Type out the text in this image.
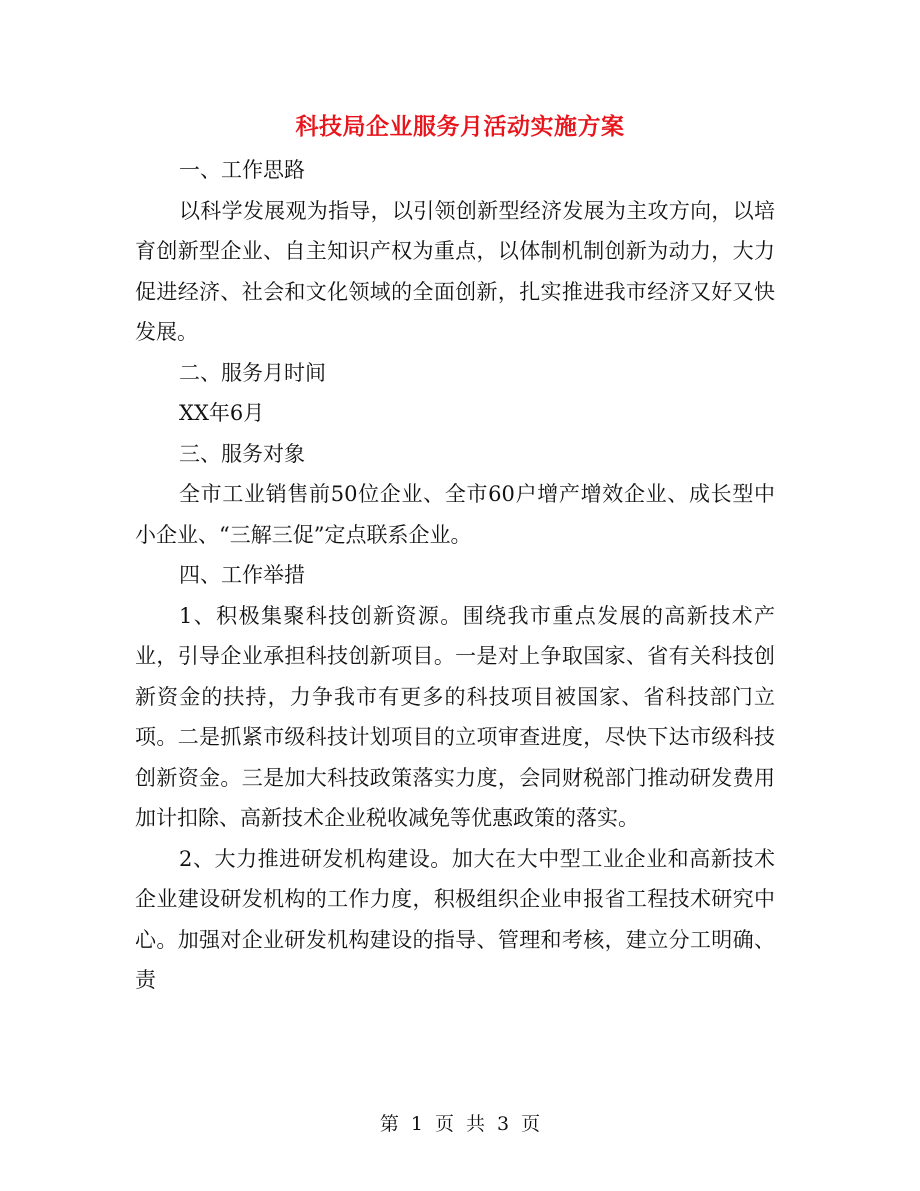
科技局企业服务月活动实施方案

一、工作思路

以科学发展观为指导，以引领创新型经济发展为主攻方向，以培育创新型企业、自主知识产权为重点，以体制机制创新为动力，大力促进经济、社会和文化领域的全面创新，扎实推进我市经济又好又快发展。

二、服务月时间

XX年6月

三、服务对象

全市工业销售前50位企业、全市60户增产增效企业、成长型中小企业、“三解三促”定点联系企业。

四、工作举措

1、积极集聚科技创新资源。围绕我市重点发展的高新技术产业，引导企业承担科技创新项目。一是对上争取国家、省有关科技创新资金的扶持，力争我市有更多的科技项目被国家、省科技部门立项。二是抓紧市级科技计划项目的立项审查进度，尽快下达市级科技创新资金。三是加大科技政策落实力度，会同财税部门推动研发费用加计扣除、高新技术企业税收减免等优惠政策的落实。

2、大力推进研发机构建设。加大在大中型工业企业和高新技术企业建设研发机构的工作力度，积极组织企业申报省工程技术研究中心。加强对企业研发机构建设的指导、管理和考核，建立分工明确、责

第 1 页 共 3 页
